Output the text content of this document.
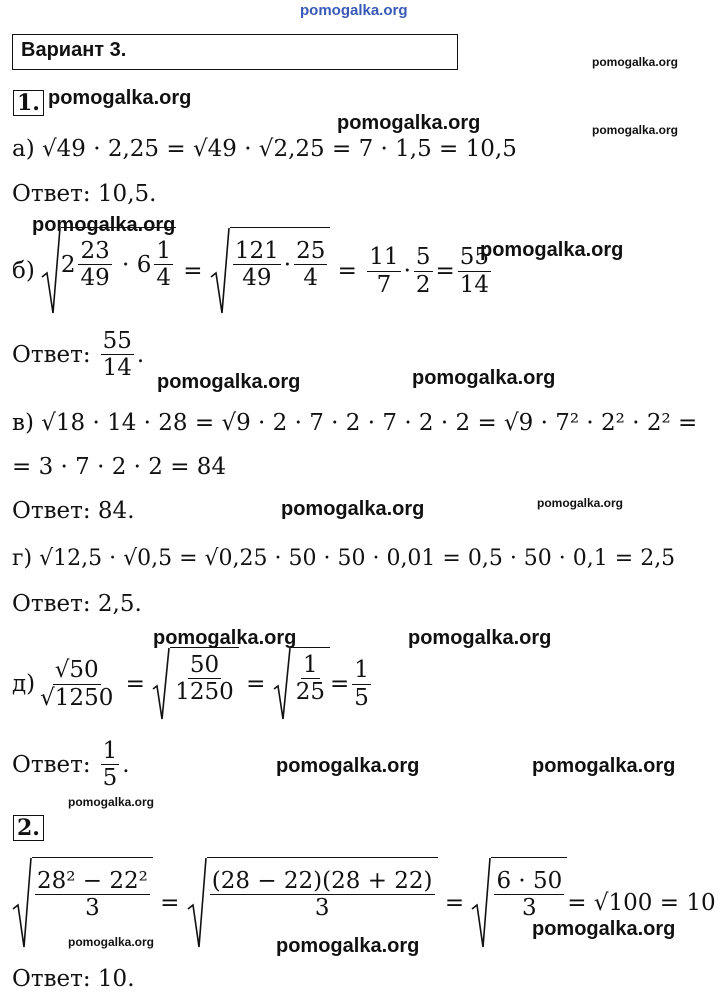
pomogalka.org
Вариант 3.
pomogalka.org
1. pomogalka.org
pomogalka.org	pomogalka.org
а) √49 · 2,25 = √49 · √2,25 = 7 · 1,5 = 10,5
Ответ: 10,5.
pomogalka.org
pomogalka.org
б) $2 \frac{23}{49} \cdot 6 \frac{1}{4} = \frac{121}{49} \cdot \frac{25}{4} = \frac{11}{7} \cdot \frac{5}{2} = \frac{55}{14}$
Ответ: $\frac{55}{14}$ .
pomogalka.org	pomogalka.org
в) √18 · 14 · 28 = √9 · 2 · 7 · 2 · 7 · 2 · 2 = √9 · 7² · 2² · 2² =
= 3 · 7 · 2 · 2 = 84
Ответ: 84.	pomogalka.org	pomogalka.org
г) √12,5 · √0,5 = √0,25 · 50 · 50 · 0,01 = 0,5 · 50 · 0,1 = 2,5
Ответ: 2,5.
pomogalka.org	pomogalka.org
$д) \frac{√50}{√1250} = \frac{50}{1250} = \frac{1}{25} = \frac{1}{5}$
Ответ: $\frac{1}{5}$ .	pomogalka.org	pomogalka.org
pomogalka.org
2.
$\frac{\text{28² − 22²}}{3} = \frac{(28 - 22)(28 + 22)}{3} = \frac{6 \cdot 50}{3} = √100 = 10$
pomogalka.org	pomogalka.org
pomogalka.org
Ответ: 10.
